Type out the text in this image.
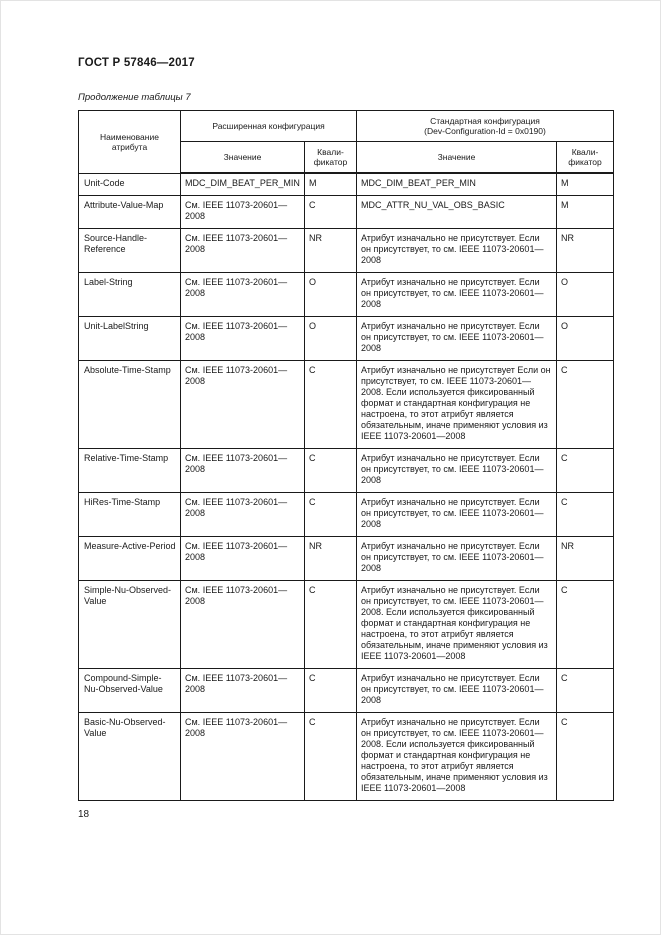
ГОСТ Р 57846—2017
Продолжение таблицы 7
Наименование атрибута	Расширенная конфигурация		Стандартная конфигурация
(Dev-Configuration-Id = 0x0190)	

	Значение	Квали-фикатор	Значение	Квали-фикатор
Unit-Code	MDC_​DIM_​BEAT_​PER_​MIN	M	MDC_​DIM_​BEAT_​PER_​MIN	M
Attribute-Value-Map	См. IEEE 11073-20601—2008	C	MDC_​ATTR_​NU_​VAL_​OBS_​BASIC	M
Source-Handle-Reference	См. IEEE 11073-20601—2008	NR	Атрибут изначально не присутствует. Если он присутствует, то см. IEEE 11073-20601—2008	NR
Label-String	См. IEEE 11073-20601—2008	O	Атрибут изначально не присутствует. Если он присутствует, то см. IEEE 11073-20601—2008	O
Unit-LabelString	См. IEEE 11073-20601—2008	O	Атрибут изначально не присутствует. Если он присутствует, то см. IEEE 11073-20601—2008	O
Absolute-Time-Stamp	См. IEEE 11073-20601—2008	C	Атрибут изначально не присутствует Если он присутствует, то см. IEEE 11073-20601—2008. Если используется фиксированный формат и стандартная конфигурация не настроена, то этот атрибут является обязательным, иначе применяют условия из IEEE 11073-20601—2008	C
Relative-Time-Stamp	См. IEEE 11073-20601—2008	C	Атрибут изначально не присутствует. Если он присутствует, то см. IEEE 11073-20601—2008	C
HiRes-Time-Stamp	См. IEEE 11073-20601—2008	C	Атрибут изначально не присутствует. Если он присутствует, то см. IEEE 11073-20601—2008	C
Measure-Active-Period	См. IEEE 11073-20601—2008	NR	Атрибут изначально не присутствует. Если он присутствует, то см. IEEE 11073-20601—2008	NR
Simple-Nu-Observed-Value	См. IEEE 11073-20601—2008	C	Атрибут изначально не присутствует. Если он присутствует, то см. IEEE 11073-20601—2008. Если используется фиксированный формат и стандартная конфигурация не настроена, то этот атрибут является обязательным, иначе применяют условия из IEEE 11073-20601—2008	C
Compound-Simple-Nu-Observed-Value	См. IEEE 11073-20601—2008	C	Атрибут изначально не присутствует. Если он присутствует, то см. IEEE 11073-20601—2008	C
Basic-Nu-Observed-Value	См. IEEE 11073-20601—2008	C	Атрибут изначально не присутствует. Если он присутствует, то см. IEEE 11073-20601—2008. Если используется фиксированный формат и стандартная конфигурация не настроена, то этот атрибут является обязательным, иначе применяют условия из IEEE 11073-20601—2008	C
18
